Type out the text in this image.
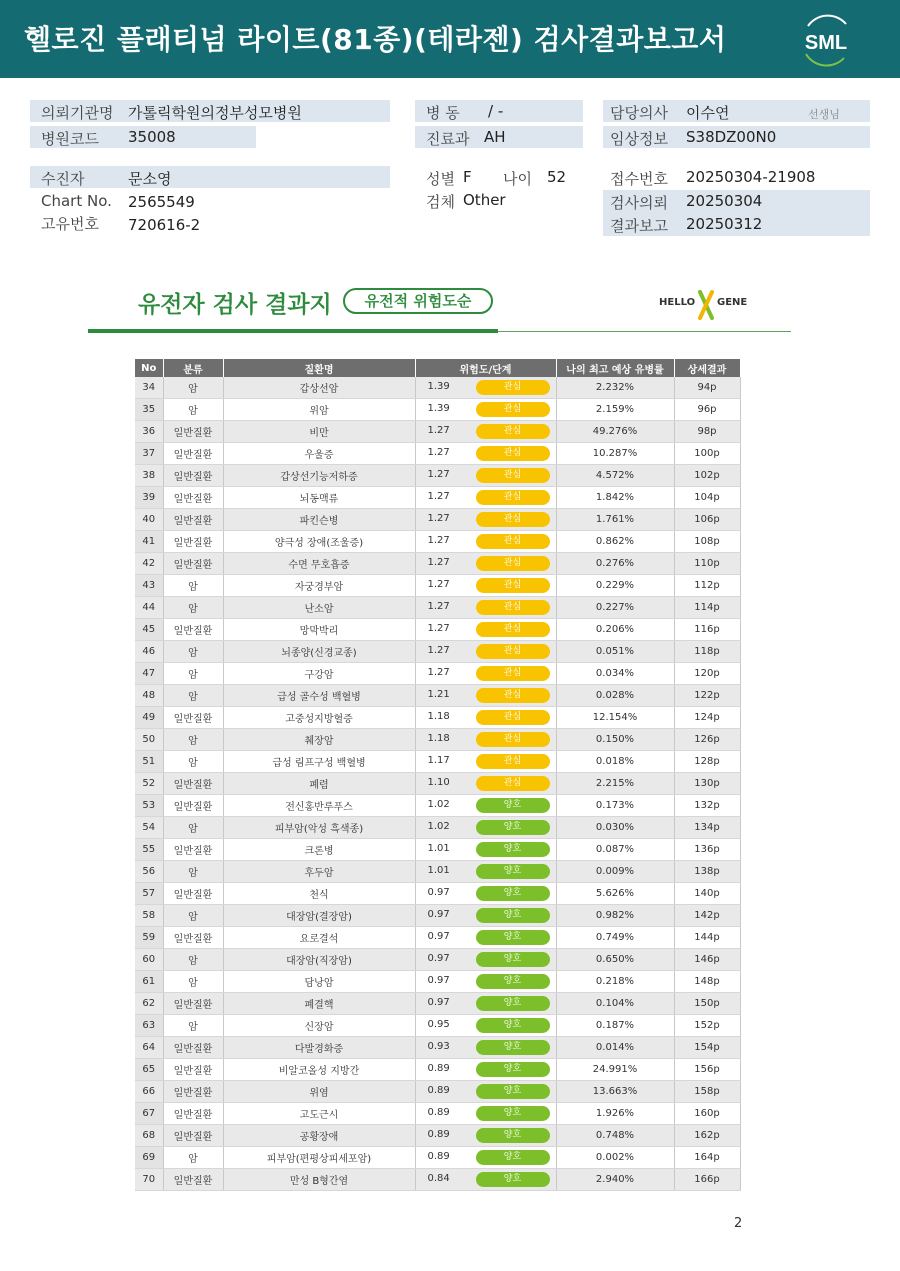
헬로진 플래티넘 라이트(81종)(테라젠) 검사결과보고서	SML
의뢰기관명 가톨릭학원의정부성모병원
병원코드 35008
병 동 / -
진료과 AH
담당의사 이수연	선생님
임상정보 S38DZ00N0
수진자	문소영
Chart No. 2565549
고유번호 720616-2
성별 F 나이 52
검체 Other
접수번호 20250304-21908
검사의뢰 20250304
결과보고 20250312
유전자 검사 결과지	유전적 위험도순	HELLO GENE
No	분류	질환명	위험도/단계	나의 최고 예상 유병률	상세결과
34	암	갑상선암	1.39 관심	2.232%	94p
35	암	위암	1.39 관심	2.159%	96p
36	일반질환	비만	1.27 관심	49.276%	98p
37	일반질환	우울증	1.27 관심	10.287%	100p
38	일반질환	갑상선기능저하증	1.27 관심	4.572%	102p
39	일반질환	뇌동맥류	1.27 관심	1.842%	104p
40	일반질환	파킨슨병	1.27 관심	1.761%	106p
41	일반질환	양극성 장애(조울증)	1.27 관심	0.862%	108p
42	일반질환	수면 무호흡증	1.27 관심	0.276%	110p
43	암	자궁경부암	1.27 관심	0.229%	112p
44	암	난소암	1.27 관심	0.227%	114p
45	일반질환	망막박리	1.27 관심	0.206%	116p
46	암	뇌종양(신경교종)	1.27 관심	0.051%	118p
47	암	구강암	1.27 관심	0.034%	120p
48	암	급성 골수성 백혈병	1.21 관심	0.028%	122p
49	일반질환	고중성지방혈증	1.18 관심	12.154%	124p
50	암	췌장암	1.18 관심	0.150%	126p
51	암	급성 림프구성 백혈병	1.17 관심	0.018%	128p
52	일반질환	폐렴	1.10 관심	2.215%	130p
53	일반질환	전신홍반루푸스	1.02 양호	0.173%	132p
54	암	피부암(악성 흑색종)	1.02 양호	0.030%	134p
55	일반질환	크론병	1.01 양호	0.087%	136p
56	암	후두암	1.01 양호	0.009%	138p
57	일반질환	천식	0.97 양호	5.626%	140p
58	암	대장암(결장암)	0.97 양호	0.982%	142p
59	일반질환	요로결석	0.97 양호	0.749%	144p
60	암	대장암(직장암)	0.97 양호	0.650%	146p
61	암	담낭암	0.97 양호	0.218%	148p
62	일반질환	폐결핵	0.97 양호	0.104%	150p
63	암	신장암	0.95 양호	0.187%	152p
64	일반질환	다발경화증	0.93 양호	0.014%	154p
65	일반질환	비알코올성 지방간	0.89 양호	24.991%	156p
66	일반질환	위염	0.89 양호	13.663%	158p
67	일반질환	고도근시	0.89 양호	1.926%	160p
68	일반질환	공황장애	0.89 양호	0.748%	162p
69	암	피부암(편평상피세포암)	0.89 양호	0.002%	164p
70	일반질환	만성 B형간염	0.84 양호	2.940%	166p
2
